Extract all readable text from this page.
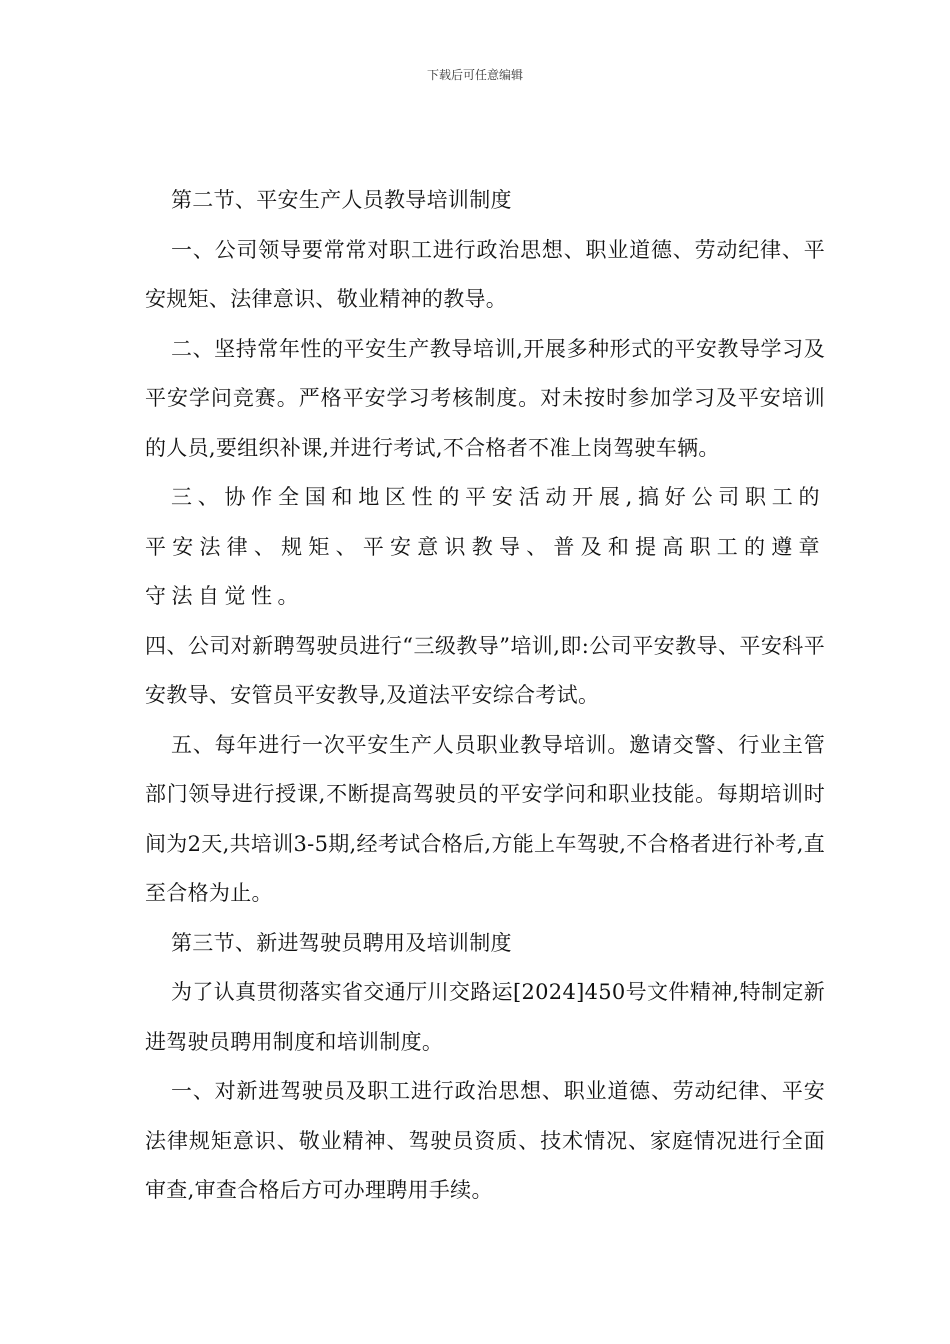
下载后可任意编辑

第二节、平安生产人员教导培训制度

一、公司领导要常常对职工进行政治思想、职业道德、劳动纪律、平安规矩、法律意识、敬业精神的教导。

二、坚持常年性的平安生产教导培训,开展多种形式的平安教导学习及平安学问竞赛。严格平安学习考核制度。对未按时参加学习及平安培训的人员,要组织补课,并进行考试,不合格者不准上岗驾驶车辆。

三、协作全国和地区性的平安活动开展,搞好公司职工的平安法律、规矩、平安意识教导、普及和提高职工的遵章守法自觉性。

四、公司对新聘驾驶员进行“三级教导”培训,即:公司平安教导、平安科平安教导、安管员平安教导,及道法平安综合考试。

五、每年进行一次平安生产人员职业教导培训。邀请交警、行业主管部门领导进行授课,不断提高驾驶员的平安学问和职业技能。每期培训时间为2天,共培训3-5期,经考试合格后,方能上车驾驶,不合格者进行补考,直至合格为止。

第三节、新进驾驶员聘用及培训制度

为了认真贯彻落实省交通厅川交路运[2024]450号文件精神,特制定新进驾驶员聘用制度和培训制度。

一、对新进驾驶员及职工进行政治思想、职业道德、劳动纪律、平安法律规矩意识、敬业精神、驾驶员资质、技术情况、家庭情况进行全面审查,审查合格后方可办理聘用手续。
